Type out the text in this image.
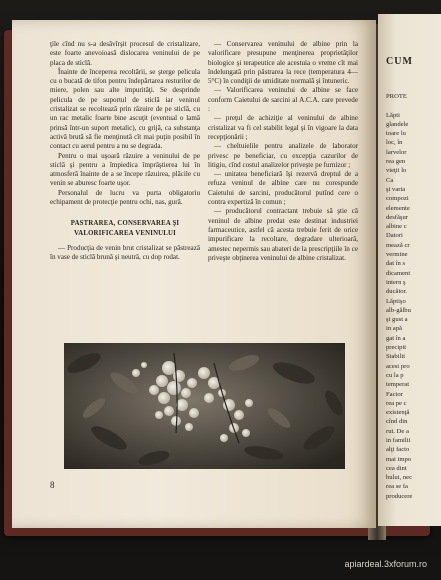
ţile cînd nu s-a desăvîrşit procesul de cristalizare, este foarte anevoioasă dislocarea veninului de pe placa de sticlă.

Înainte de începerea recoltării, se şterge pelicula cu o bucată de tifon pentru îndepărtarea resturilor de miere, polen sau alte impurităţi. Se desprinde pelicula de pe suportul de sticlă iar veninul cristalizat se recoltează prin răzuire de pe sticlă, cu un rac metalic foarte bine ascuţit (eventual o lamă prinsă într-un suport metalic), cu grijă, ca substanţa activă brută să fie menţinută cît mai puţin posibil în contact cu aerul pentru a nu se degrada.

Pentru o mai uşoară răzuire a veninului de pe sticlă şi pentru a împiedica împrăştierea lui în atmosferă înainte de a se începe răzuirea, plăcile cu venin se aburesc foarte uşor.

Personalul de lucru va purta obligatoriu echipament de protecţie pentru ochi, nas, gură.

PASTRAREA, CONSERVAREA ŞI VALORIFICAREA VENINULUI

— Producţia de venin brut cristalizat se păstrează în vase de sticlă brună şi neutră, cu dop rodat.

— Conservarea veninului de albine prin la valorificare presupune menţinerea proprietăţilor biologice şi terapeutice ale acestuia o vreme cît mai îndelungată prin păstrarea la rece (temperatura 4—5°C) în condiţii de umiditate normală şi întuneric.

— Valorificarea veninului de albine se face conform Caietului de sarcini al A.C.A. care prevede :

— preţul de achiziţie al veninului de albine cristalizat va fi cel stabilit legal şi în vigoare la data recepţionării ;

— cheltuielile pentru analizele de laborator privesc pe beneficiar, cu excepţia cazurilor de litigiu, cînd costul analizelor priveşte pe furnizor ;

— unitatea beneficiară îşi rezervă dreptul de a refuza veninul de albine care nu corespunde Caietului de sarcini, producătorul putînd cere o contra expertiză în comun ;

— producătorul contractant trebuie să ştie că veninul de albine predat este destinat industriei farmaceutice, astfel că acesta trebuie ferit de orice impurificare la recoltare, degradare ulterioară, amestec nepermis sau abateri de la prescripţiile în ce priveşte obţinerea veninului de albine cristalizat.

8
CUM
PROTE
Lăpti
glandele
toare lu
loc, în
larvelor
rea gen
vieţii lo
Ca
şi varia
compozi
elemente
desfăşur
albine c
Datori
mează cr
vermine
dat în s
dicament
intern ş
ducător.
Lăptişo
alb-gălbu
şi gust a
in apă
gat în a
precipit
Stabilit
acest pro
cu la p
temperat
Factor
rea pe c
existenţă
cînd din
rut. De a
in familii
alţi facto
mai impo
cea dint
bului, nec
rea se fa
producere
apiardeal.3xforum.ro
